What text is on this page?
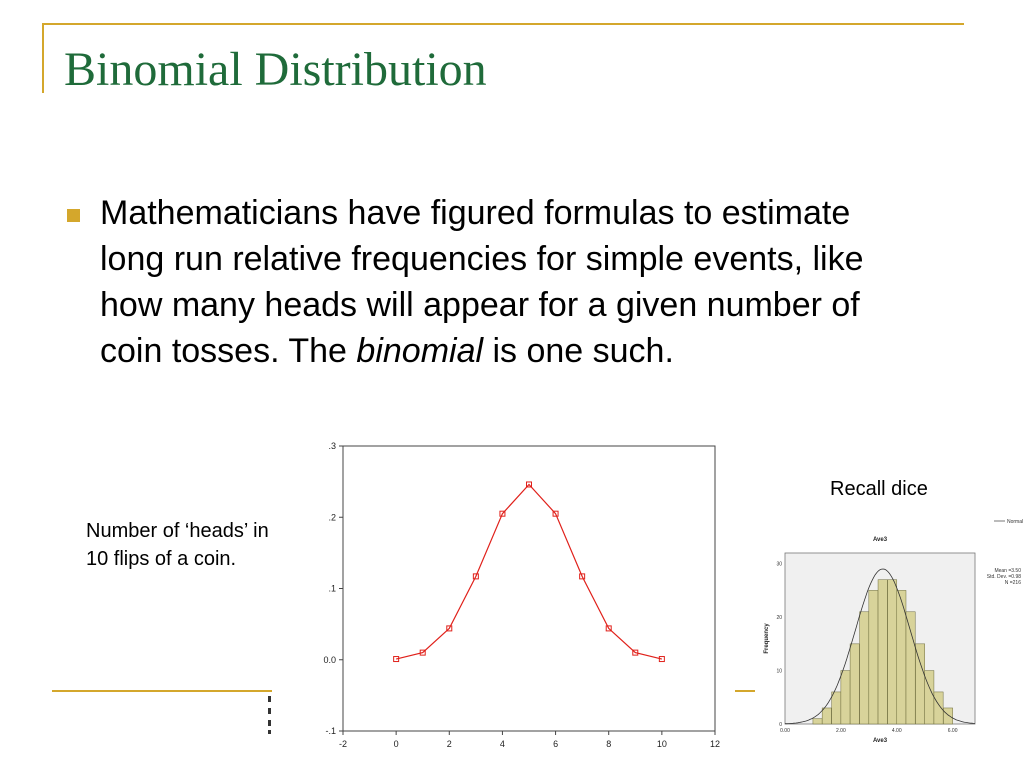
Binomial Distribution

Mathematicians have figured formulas to estimate long run relative frequencies for simple events, like how many heads will appear for a given number of coin tosses. The binomial is one such.

Number of ‘heads’ in 10 flips of a coin.

Recall dice

-2	0	2	4	6	8	10	12
-.1
0.0
.1
.2
.3
0.00	2.00	4.00	6.00
0
10
20
30
Ave3
Ave3
Frequency
Normal
Mean =3.50
Std. Dev. =0.98
N =216
